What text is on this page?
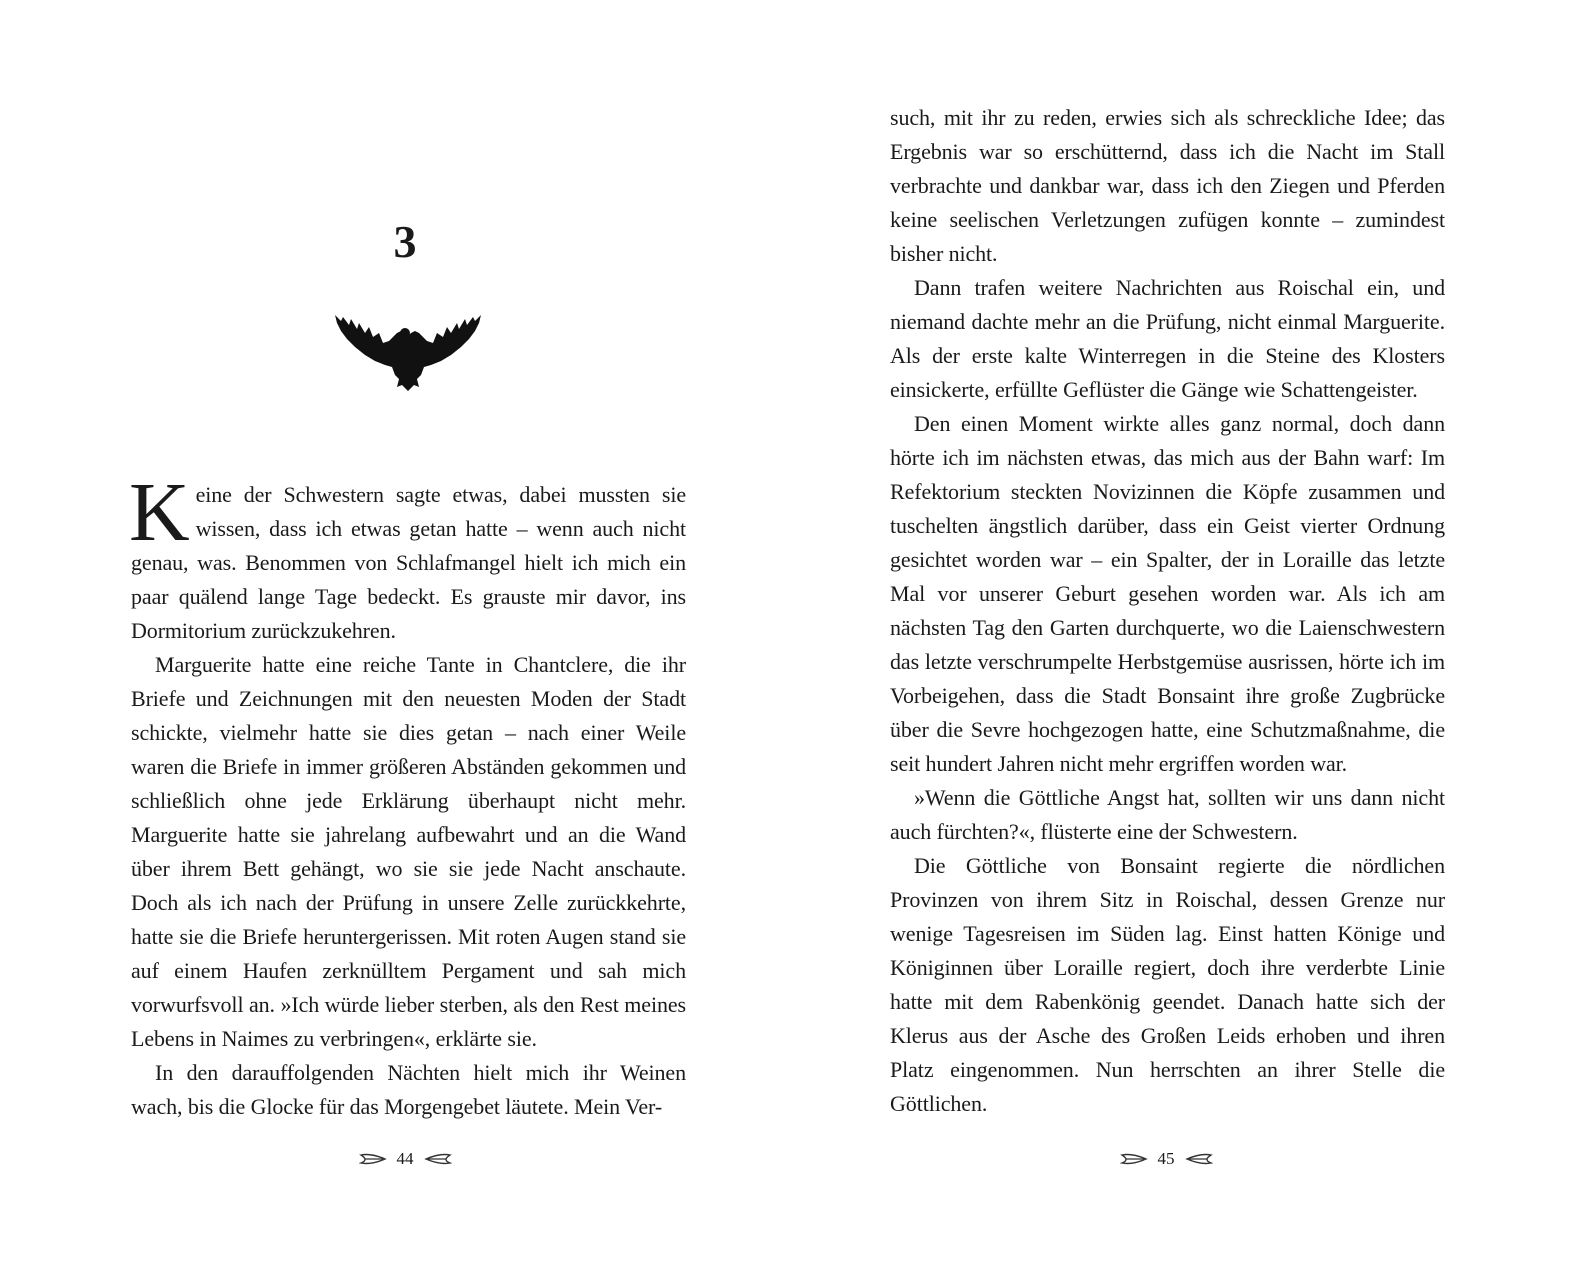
3

Keine der Schwestern sagte etwas, dabei mussten sie wissen, dass ich etwas getan hatte – wenn auch nicht genau, was. Benommen von Schlafmangel hielt ich mich ein paar quälend lange Tage bedeckt. Es grauste mir davor, ins Dormitorium zurückzukehren.

Marguerite hatte eine reiche Tante in Chantclere, die ihr Briefe und Zeichnungen mit den neuesten Moden der Stadt schickte, vielmehr hatte sie dies getan – nach einer Weile waren die Briefe in immer größeren Abständen gekommen und schließlich ohne jede Erklärung überhaupt nicht mehr. Marguerite hatte sie jahrelang aufbewahrt und an die Wand über ihrem Bett gehängt, wo sie sie jede Nacht anschaute. Doch als ich nach der Prüfung in unsere Zelle zurückkehrte, hatte sie die Briefe heruntergerissen. Mit roten Augen stand sie auf einem Haufen zerknülltem Pergament und sah mich vorwurfsvoll an. »Ich würde lieber sterben, als den Rest meines Lebens in Naimes zu verbringen«, erklärte sie.

In den darauffolgenden Nächten hielt mich ihr Weinen wach, bis die Glocke für das Morgengebet läutete. Mein Ver-

44

such, mit ihr zu reden, erwies sich als schreckliche Idee; das Ergebnis war so erschütternd, dass ich die Nacht im Stall verbrachte und dankbar war, dass ich den Ziegen und Pferden keine seelischen Verletzungen zufügen konnte – zumindest bisher nicht.

Dann trafen weitere Nachrichten aus Roischal ein, und niemand dachte mehr an die Prüfung, nicht einmal Marguerite. Als der erste kalte Winterregen in die Steine des Klosters einsickerte, erfüllte Geflüster die Gänge wie Schattengeister.

Den einen Moment wirkte alles ganz normal, doch dann hörte ich im nächsten etwas, das mich aus der Bahn warf: Im Refektorium steckten Novizinnen die Köpfe zusammen und tuschelten ängstlich darüber, dass ein Geist vierter Ordnung gesichtet worden war – ein Spalter, der in Loraille das letzte Mal vor unserer Geburt gesehen worden war. Als ich am nächsten Tag den Garten durchquerte, wo die Laienschwestern das letzte verschrumpelte Herbstgemüse ausrissen, hörte ich im Vorbeigehen, dass die Stadt Bonsaint ihre große Zugbrücke über die Sevre hochgezogen hatte, eine Schutzmaßnahme, die seit hundert Jahren nicht mehr ergriffen worden war.

»Wenn die Göttliche Angst hat, sollten wir uns dann nicht auch fürchten?«, flüsterte eine der Schwestern.

Die Göttliche von Bonsaint regierte die nördlichen Provinzen von ihrem Sitz in Roischal, dessen Grenze nur wenige Tagesreisen im Süden lag. Einst hatten Könige und Königinnen über Loraille regiert, doch ihre verderbte Linie hatte mit dem Rabenkönig geendet. Danach hatte sich der Klerus aus der Asche des Großen Leids erhoben und ihren Platz eingenommen. Nun herrschten an ihrer Stelle die Göttlichen.

45
